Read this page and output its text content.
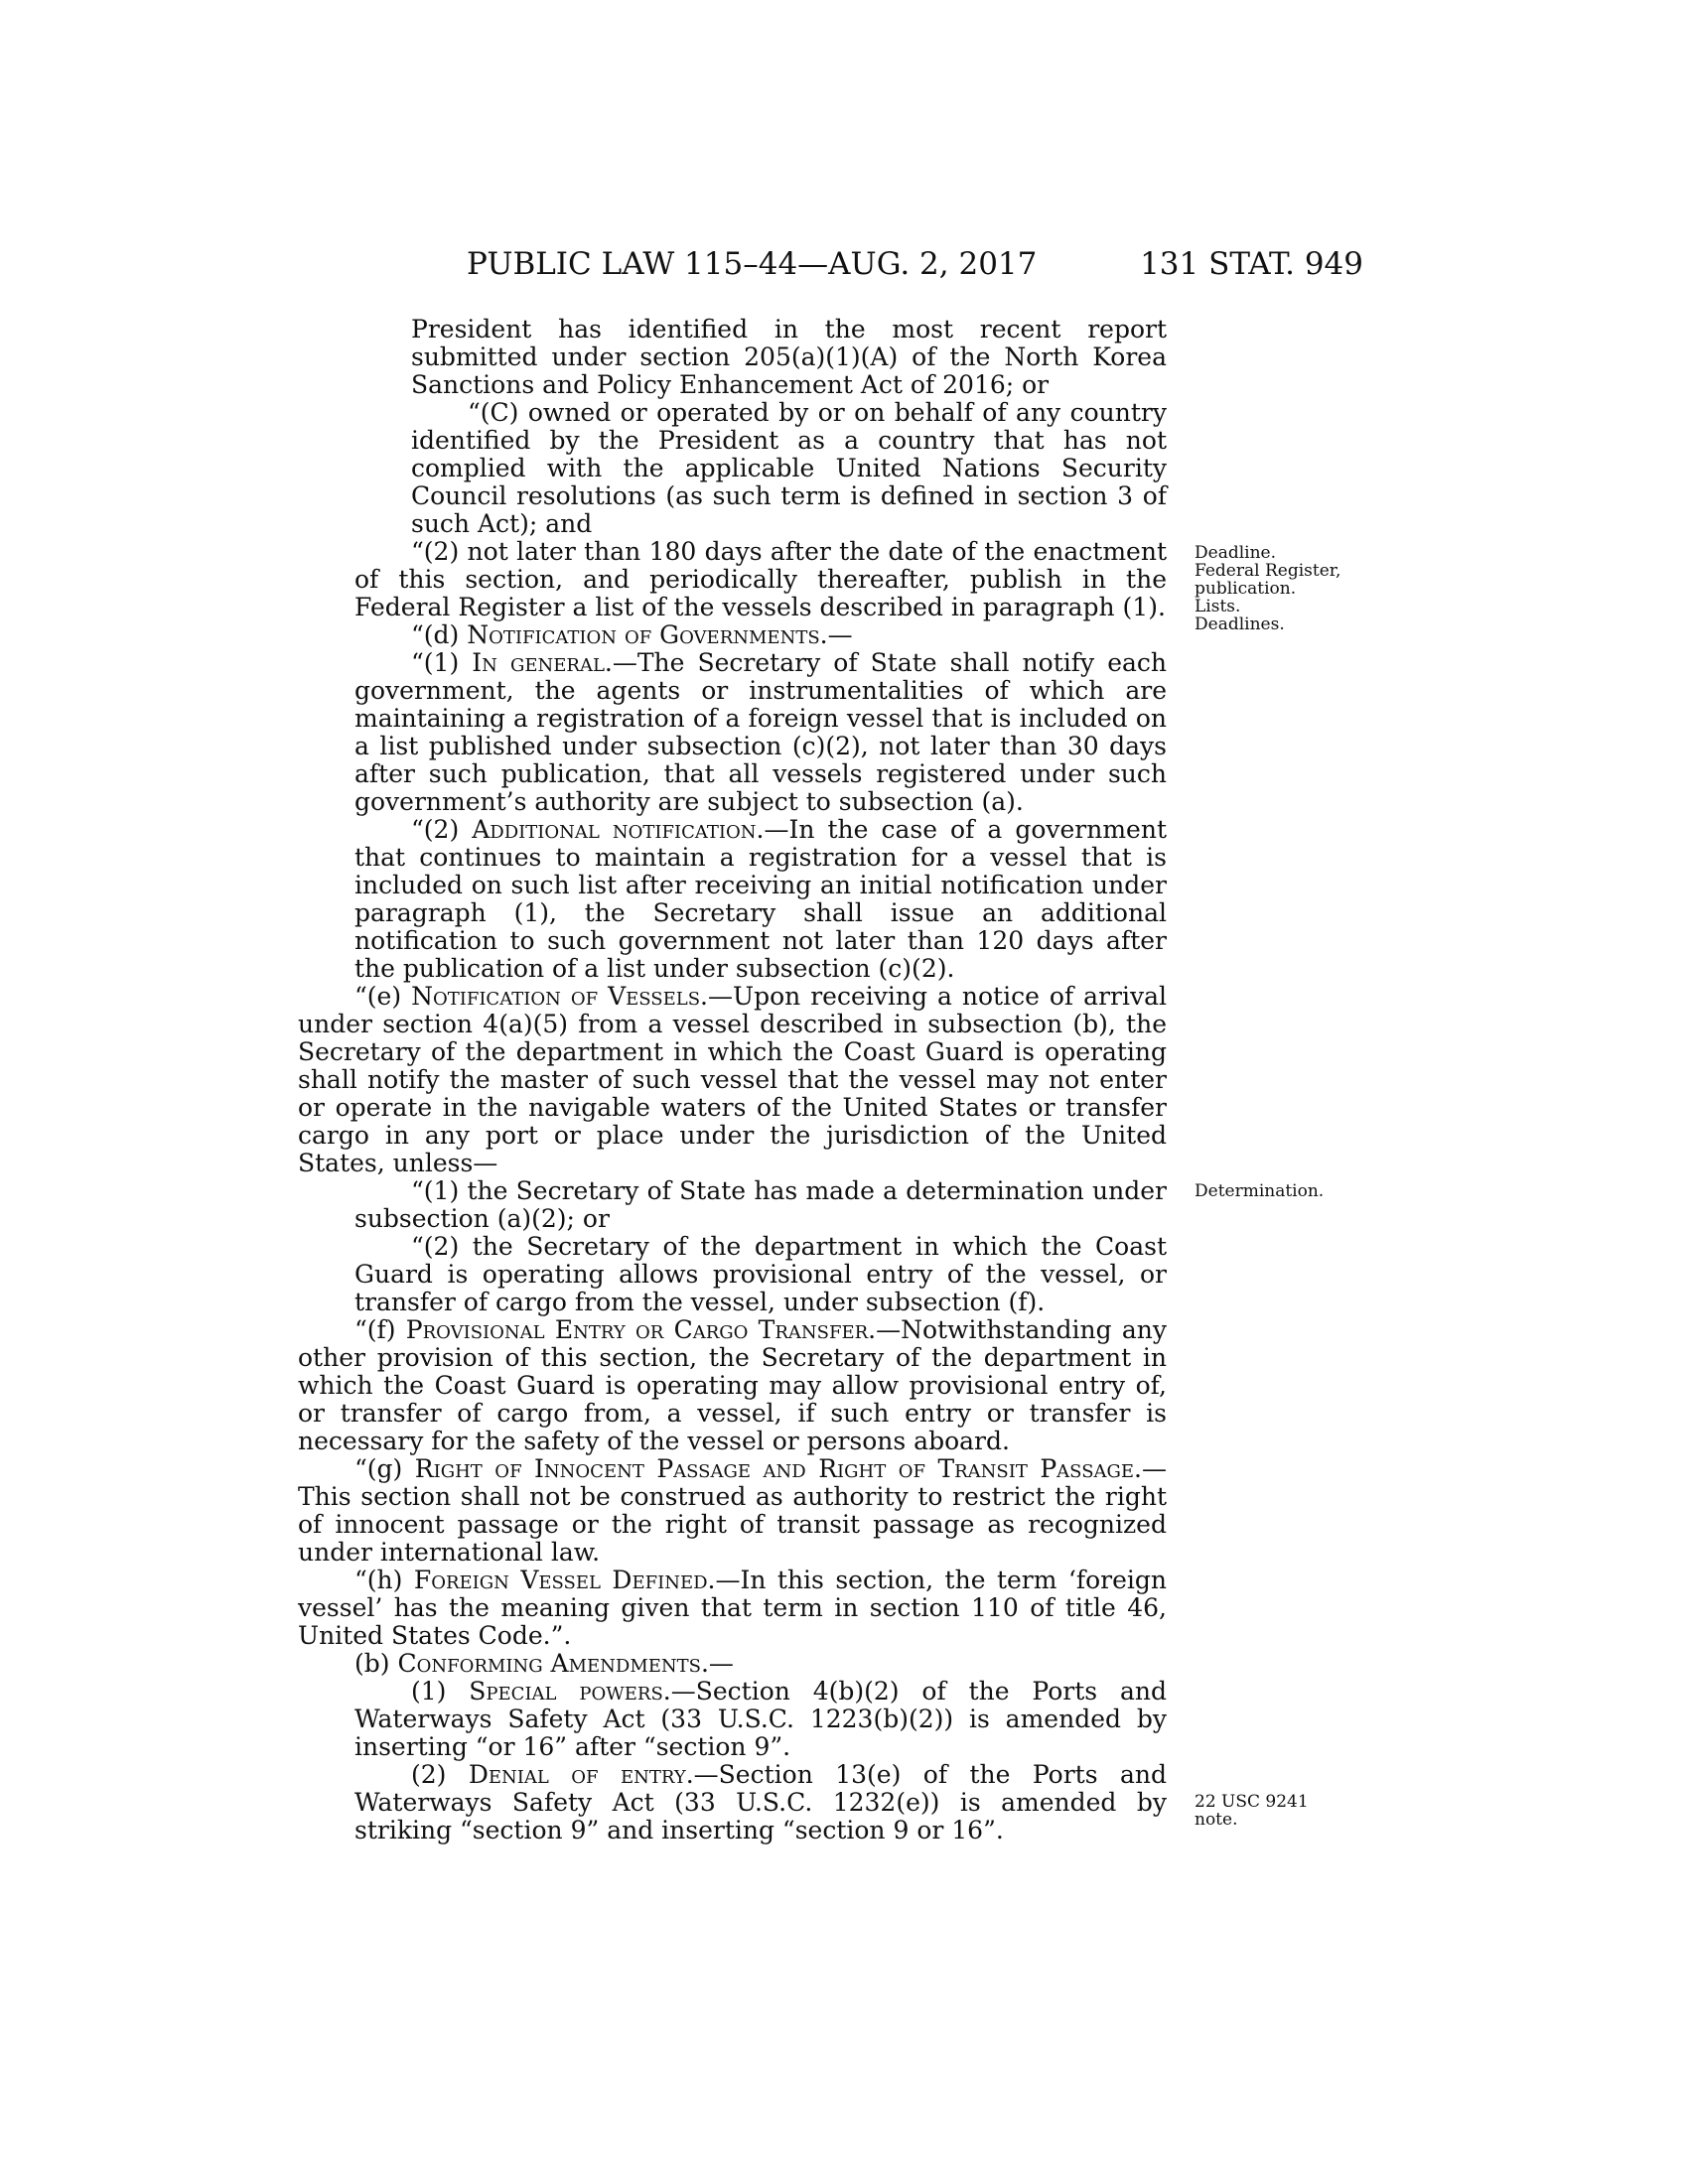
PUBLIC LAW 115–44—AUG. 2, 2017	131 STAT. 949

President has identified in the most recent report submitted under section 205(a)(1)(A) of the North Korea Sanctions and Policy Enhancement Act of 2016; or

“(C) owned or operated by or on behalf of any country identified by the President as a country that has not complied with the applicable United Nations Security Council resolutions (as such term is defined in section 3 of such Act); and

“(2) not later than 180 days after the date of the enactment of this section, and periodically thereafter, publish in the Federal Register a list of the vessels described in paragraph (1).

“(d) Notification of Governments.—

“(1) In general.—The Secretary of State shall notify each government, the agents or instrumentalities of which are maintaining a registration of a foreign vessel that is included on a list published under subsection (c)(2), not later than 30 days after such publication, that all vessels registered under such government’s authority are subject to subsection (a).

“(2) Additional notification.—In the case of a government that continues to maintain a registration for a vessel that is included on such list after receiving an initial notification under paragraph (1), the Secretary shall issue an additional notification to such government not later than 120 days after the publication of a list under subsection (c)(2).

“(e) Notification of Vessels.—Upon receiving a notice of arrival under section 4(a)(5) from a vessel described in subsection (b), the Secretary of the department in which the Coast Guard is operating shall notify the master of such vessel that the vessel may not enter or operate in the navigable waters of the United States or transfer cargo in any port or place under the jurisdiction of the United States, unless—

“(1) the Secretary of State has made a determination under subsection (a)(2); or

“(2) the Secretary of the department in which the Coast Guard is operating allows provisional entry of the vessel, or transfer of cargo from the vessel, under subsection (f).

“(f) Provisional Entry or Cargo Transfer.—Notwithstanding any other provision of this section, the Secretary of the department in which the Coast Guard is operating may allow provisional entry of, or transfer of cargo from, a vessel, if such entry or transfer is necessary for the safety of the vessel or persons aboard.

“(g) Right of Innocent Passage and Right of Transit Passage.—This section shall not be construed as authority to restrict the right of innocent passage or the right of transit passage as recognized under international law.

“(h) Foreign Vessel Defined.—In this section, the term ‘foreign vessel’ has the meaning given that term in section 110 of title 46, United States Code.”.

(b) Conforming Amendments.—

(1) Special powers.—Section 4(b)(2) of the Ports and Waterways Safety Act (33 U.S.C. 1223(b)(2)) is amended by inserting “or 16” after “section 9”.

(2) Denial of entry.—Section 13(e) of the Ports and Waterways Safety Act (33 U.S.C. 1232(e)) is amended by striking “section 9” and inserting “section 9 or 16”.

Deadline.

Federal Register,

publication.

Lists.

Deadlines.

Determination.

22 USC 9241

note.
